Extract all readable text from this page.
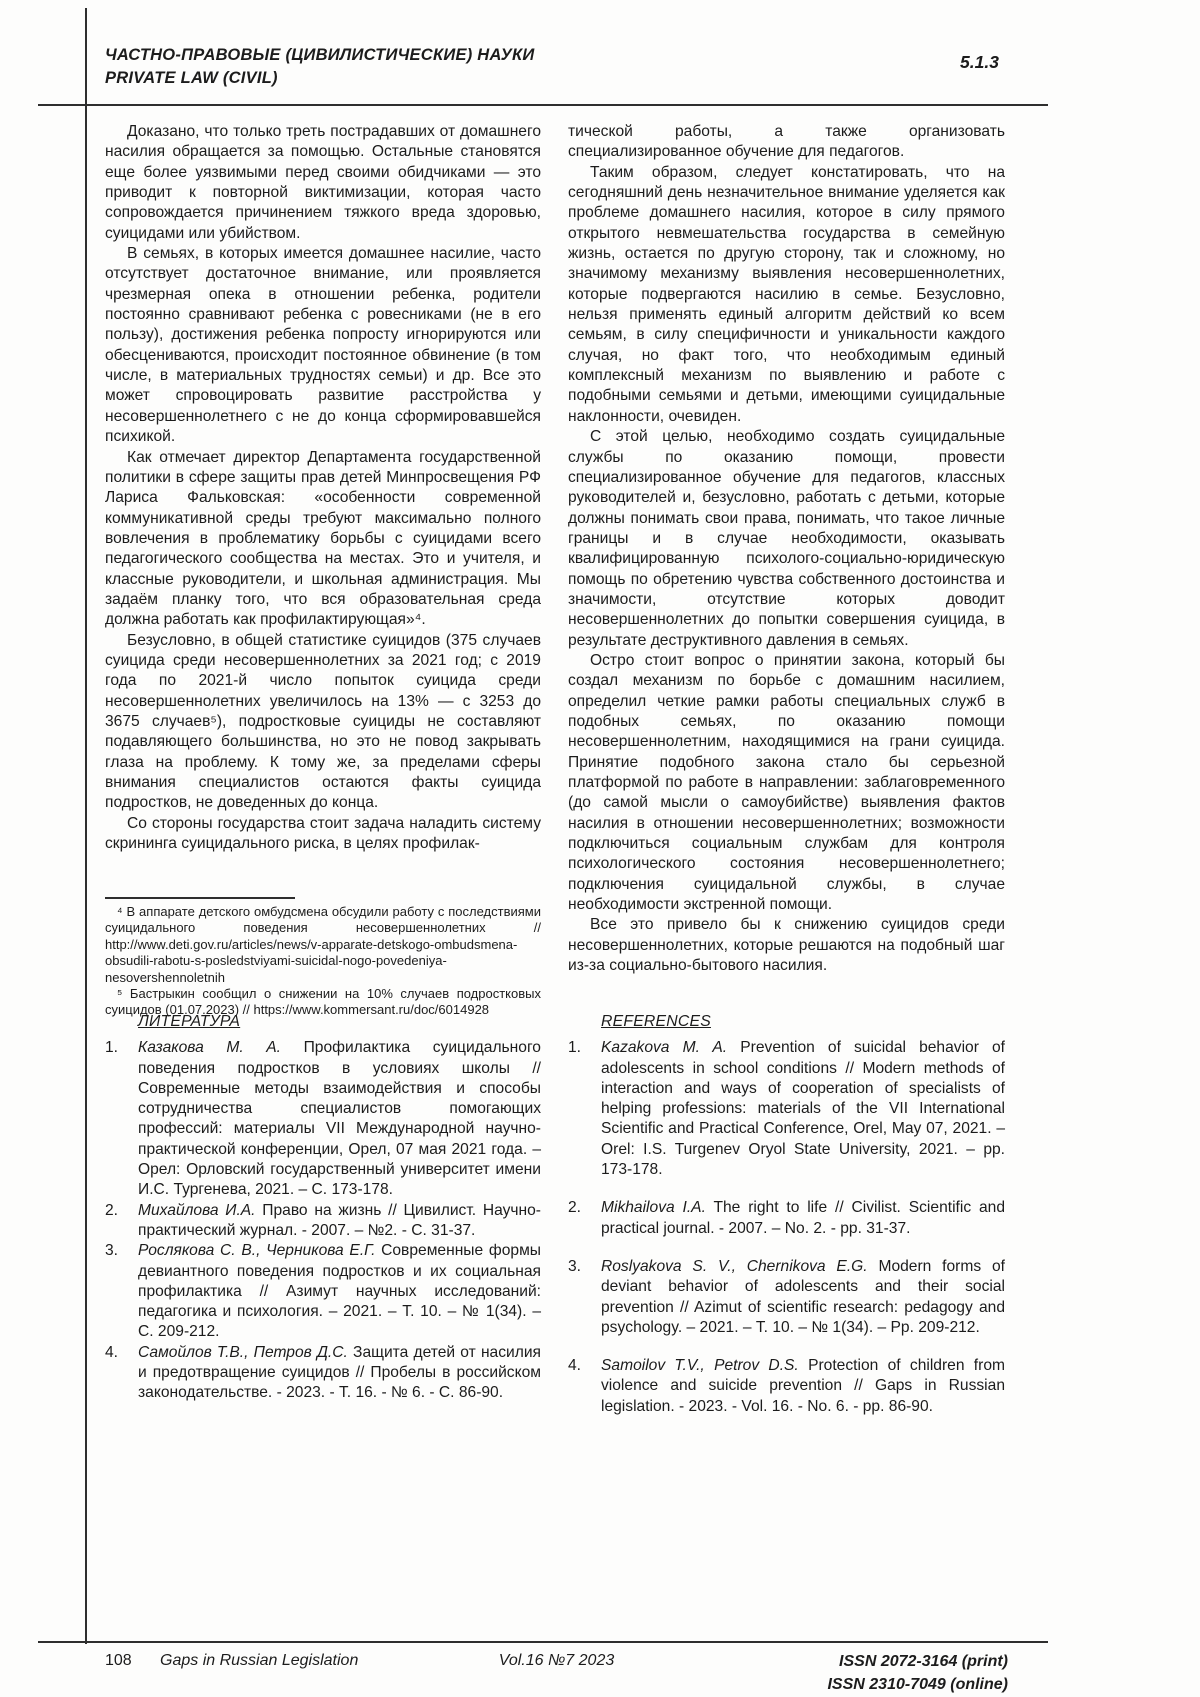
ЧАСТНО-ПРАВОВЫЕ (ЦИВИЛИСТИЧЕСКИЕ) НАУКИ
PRIVATE LAW (CIVIL)
5.1.3

Доказано, что только треть пострадавших от домашнего насилия обращается за помощью. Остальные становятся еще более уязвимыми перед своими обидчиками — это приводит к повторной виктимизации, которая часто сопровождается причинением тяжкого вреда здоровью, суицидами или убийством.

В семьях, в которых имеется домашнее насилие, часто отсутствует достаточное внимание, или проявляется чрезмерная опека в отношении ребенка, родители постоянно сравнивают ребенка с ровесниками (не в его пользу), достижения ребенка попросту игнорируются или обесцениваются, происходит постоянное обвинение (в том числе, в материальных трудностях семьи) и др. Все это может спровоцировать развитие расстройства у несовершеннолетнего с не до конца сформировавшейся психикой.

Как отмечает директор Департамента государственной политики в сфере защиты прав детей Минпросвещения РФ Лариса Фальковская: «особенности современной коммуникативной среды требуют максимально полного вовлечения в проблематику борьбы с суицидами всего педагогического сообщества на местах. Это и учителя, и классные руководители, и школьная администрация. Мы задаём планку того, что вся образовательная среда должна работать как профилактирующая»⁴.

Безусловно, в общей статистике суицидов (375 случаев суицида среди несовершеннолетних за 2021 год; с 2019 года по 2021-й число попыток суицида среди несовершеннолетних увеличилось на 13% — с 3253 до 3675 случаев⁵), подростковые суициды не составляют подавляющего большинства, но это не повод закрывать глаза на проблему. К тому же, за пределами сферы внимания специалистов остаются факты суицида подростков, не доведенных до конца.

Со стороны государства стоит задача наладить систему скрининга суицидального риска, в целях профилак-

⁴ В аппарате детского омбудсмена обсудили работу с последствиями суицидального поведения несовершеннолетних // http://www.deti.gov.ru/articles/news/v-apparate-detskogo-ombudsmena-obsudili-rabotu-s-posledstviyami-suicidal-nogo-povedeniya-nesovershennoletnih

⁵ Бастрыкин сообщил о снижении на 10% случаев подростковых суицидов (01.07.2023) // https://www.kommersant.ru/doc/6014928

ЛИТЕРАТУРА
1.	Казакова М. А. Профилактика суицидального поведения подростков в условиях школы // Современные методы взаимодействия и способы сотрудничества специалистов помогающих профессий: материалы VII Международной научно-практической конференции, Орел, 07 мая 2021 года. – Орел: Орловский государственный университет имени И.С. Тургенева, 2021. – С. 173-178.
2.	Михайлова И.А. Право на жизнь // Цивилист. Научно-практический журнал. - 2007. – №2. - С. 31-37.
3.	Рослякова С. В., Черникова Е.Г. Современные формы девиантного поведения подростков и их социальная профилактика // Азимут научных исследований: педагогика и психология. – 2021. – Т. 10. – № 1(34). – С. 209-212.
4.	Самойлов Т.В., Петров Д.С. Защита детей от насилия и предотвращение суицидов // Пробелы в российском законодательстве. - 2023. - Т. 16. - № 6. - С. 86-90.

тической работы, а также организовать специализированное обучение для педагогов.

Таким образом, следует констатировать, что на сегодняшний день незначительное внимание уделяется как проблеме домашнего насилия, которое в силу прямого открытого невмешательства государства в семейную жизнь, остается по другую сторону, так и сложному, но значимому механизму выявления несовершеннолетних, которые подвергаются насилию в семье. Безусловно, нельзя применять единый алгоритм действий ко всем семьям, в силу специфичности и уникальности каждого случая, но факт того, что необходимым единый комплексный механизм по выявлению и работе с подобными семьями и детьми, имеющими суицидальные наклонности, очевиден.

С этой целью, необходимо создать суицидальные службы по оказанию помощи, провести специализированное обучение для педагогов, классных руководителей и, безусловно, работать с детьми, которые должны понимать свои права, понимать, что такое личные границы и в случае необходимости, оказывать квалифицированную психолого-социально-юридическую помощь по обретению чувства собственного достоинства и значимости, отсутствие которых доводит несовершеннолетних до попытки совершения суицида, в результате деструктивного давления в семьях.

Остро стоит вопрос о принятии закона, который бы создал механизм по борьбе с домашним насилием, определил четкие рамки работы специальных служб в подобных семьях, по оказанию помощи несовершеннолетним, находящимися на грани суицида. Принятие подобного закона стало бы серьезной платформой по работе в направлении: заблаговременного (до самой мысли о самоубийстве) выявления фактов насилия в отношении несовершеннолетних; возможности подключиться социальным службам для контроля психологического состояния несовершеннолетнего; подключения суицидальной службы, в случае необходимости экстренной помощи.

Все это привело бы к снижению суицидов среди несовершеннолетних, которые решаются на подобный шаг из-за социально-бытового насилия.

REFERENCES
1.	Kazakova M. A. Prevention of suicidal behavior of adolescents in school conditions // Modern methods of interaction and ways of cooperation of specialists of helping professions: materials of the VII International Scientific and Practical Conference, Orel, May 07, 2021. – Orel: I.S. Turgenev Oryol State University, 2021. – pp. 173-178.
2.	Mikhailova I.A. The right to life // Civilist. Scientific and practical journal. - 2007. – No. 2. - pp. 31-37.
3.	Roslyakova S. V., Chernikova E.G. Modern forms of deviant behavior of adolescents and their social prevention // Azimut of scientific research: pedagogy and psychology. – 2021. – Т. 10. – № 1(34). – Pp. 209-212.
4.	Samoilov T.V., Petrov D.S. Protection of children from violence and suicide prevention // Gaps in Russian legislation. - 2023. - Vol. 16. - No. 6. - pp. 86-90.
108 Gaps in Russian Legislation	Vol.16 №7 2023	ISSN 2072-3164 (print)
ISSN 2310-7049 (online)
